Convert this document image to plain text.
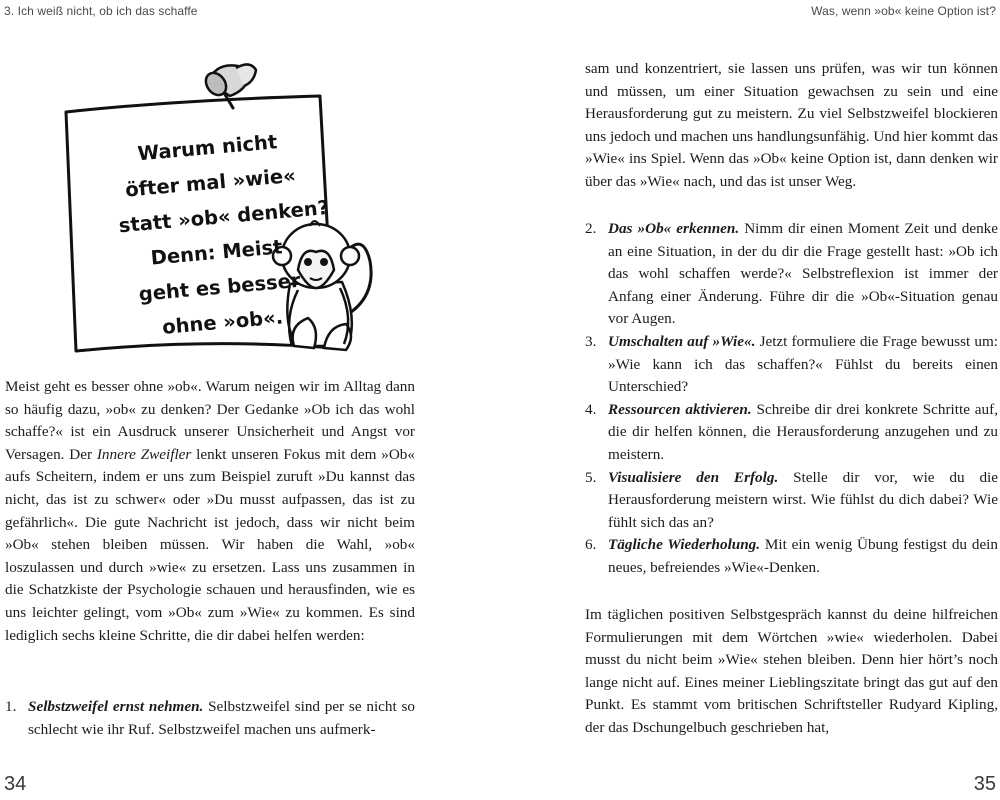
3. Ich weiß nicht, ob ich das schaffe	Was, wenn »ob« keine Option ist?
Warum nicht
öfter mal »wie«
statt »ob« denken?
Denn: Meist
geht es besser
ohne »ob«.

Meist geht es besser ohne »ob«. Warum neigen wir im Alltag dann so häufig dazu, »ob« zu denken? Der Gedanke »Ob ich das wohl schaffe?« ist ein Ausdruck unserer Unsicherheit und Angst vor Versagen. Der Innere Zweifler lenkt unseren Fokus mit dem »Ob« aufs Scheitern, indem er uns zum Beispiel zuruft »Du kannst das nicht, das ist zu schwer« oder »Du musst aufpassen, das ist zu gefährlich«. Die gute Nachricht ist jedoch, dass wir nicht beim »Ob« stehen bleiben müssen. Wir haben die Wahl, »ob« loszulassen und durch »wie« zu ersetzen. Lass uns zusammen in die Schatzkiste der Psychologie schauen und herausfinden, wie es uns leichter gelingt, vom »Ob« zum »Wie« zu kommen. Es sind lediglich sechs kleine Schritte, die dir dabei helfen werden:

1. Selbstzweifel ernst nehmen. Selbstzweifel sind per se nicht so schlecht wie ihr Ruf. Selbstzweifel machen uns aufmerk-

sam und konzentriert, sie lassen uns prüfen, was wir tun können und müssen, um einer Situation gewachsen zu sein und eine Herausforderung gut zu meistern. Zu viel Selbstzweifel blockieren uns jedoch und machen uns handlungsunfähig. Und hier kommt das »Wie« ins Spiel. Wenn das »Ob« keine Option ist, dann denken wir über das »Wie« nach, und das ist unser Weg.

2. Das »Ob« erkennen. Nimm dir einen Moment Zeit und denke an eine Situation, in der du dir die Frage gestellt hast: »Ob ich das wohl schaffen werde?« Selbstreflexion ist immer der Anfang einer Änderung. Führe dir die »Ob«-Situation genau vor Augen.
3. Umschalten auf »Wie«. Jetzt formuliere die Frage bewusst um: »Wie kann ich das schaffen?« Fühlst du bereits einen Unterschied?
4. Ressourcen aktivieren. Schreibe dir drei konkrete Schritte auf, die dir helfen können, die Herausforderung anzugehen und zu meistern.
5. Visualisiere den Erfolg. Stelle dir vor, wie du die Herausforderung meistern wirst. Wie fühlst du dich dabei? Wie fühlt sich das an?
6. Tägliche Wiederholung. Mit ein wenig Übung festigst du dein neues, befreiendes »Wie«-Denken.

Im täglichen positiven Selbstgespräch kannst du deine hilfreichen Formulierungen mit dem Wörtchen »wie« wiederholen. Dabei musst du nicht beim »Wie« stehen bleiben. Denn hier hört’s noch lange nicht auf. Eines meiner Lieblingszitate bringt das gut auf den Punkt. Es stammt vom britischen Schriftsteller Rudyard Kipling, der das Dschungelbuch geschrieben hat,

34	35
